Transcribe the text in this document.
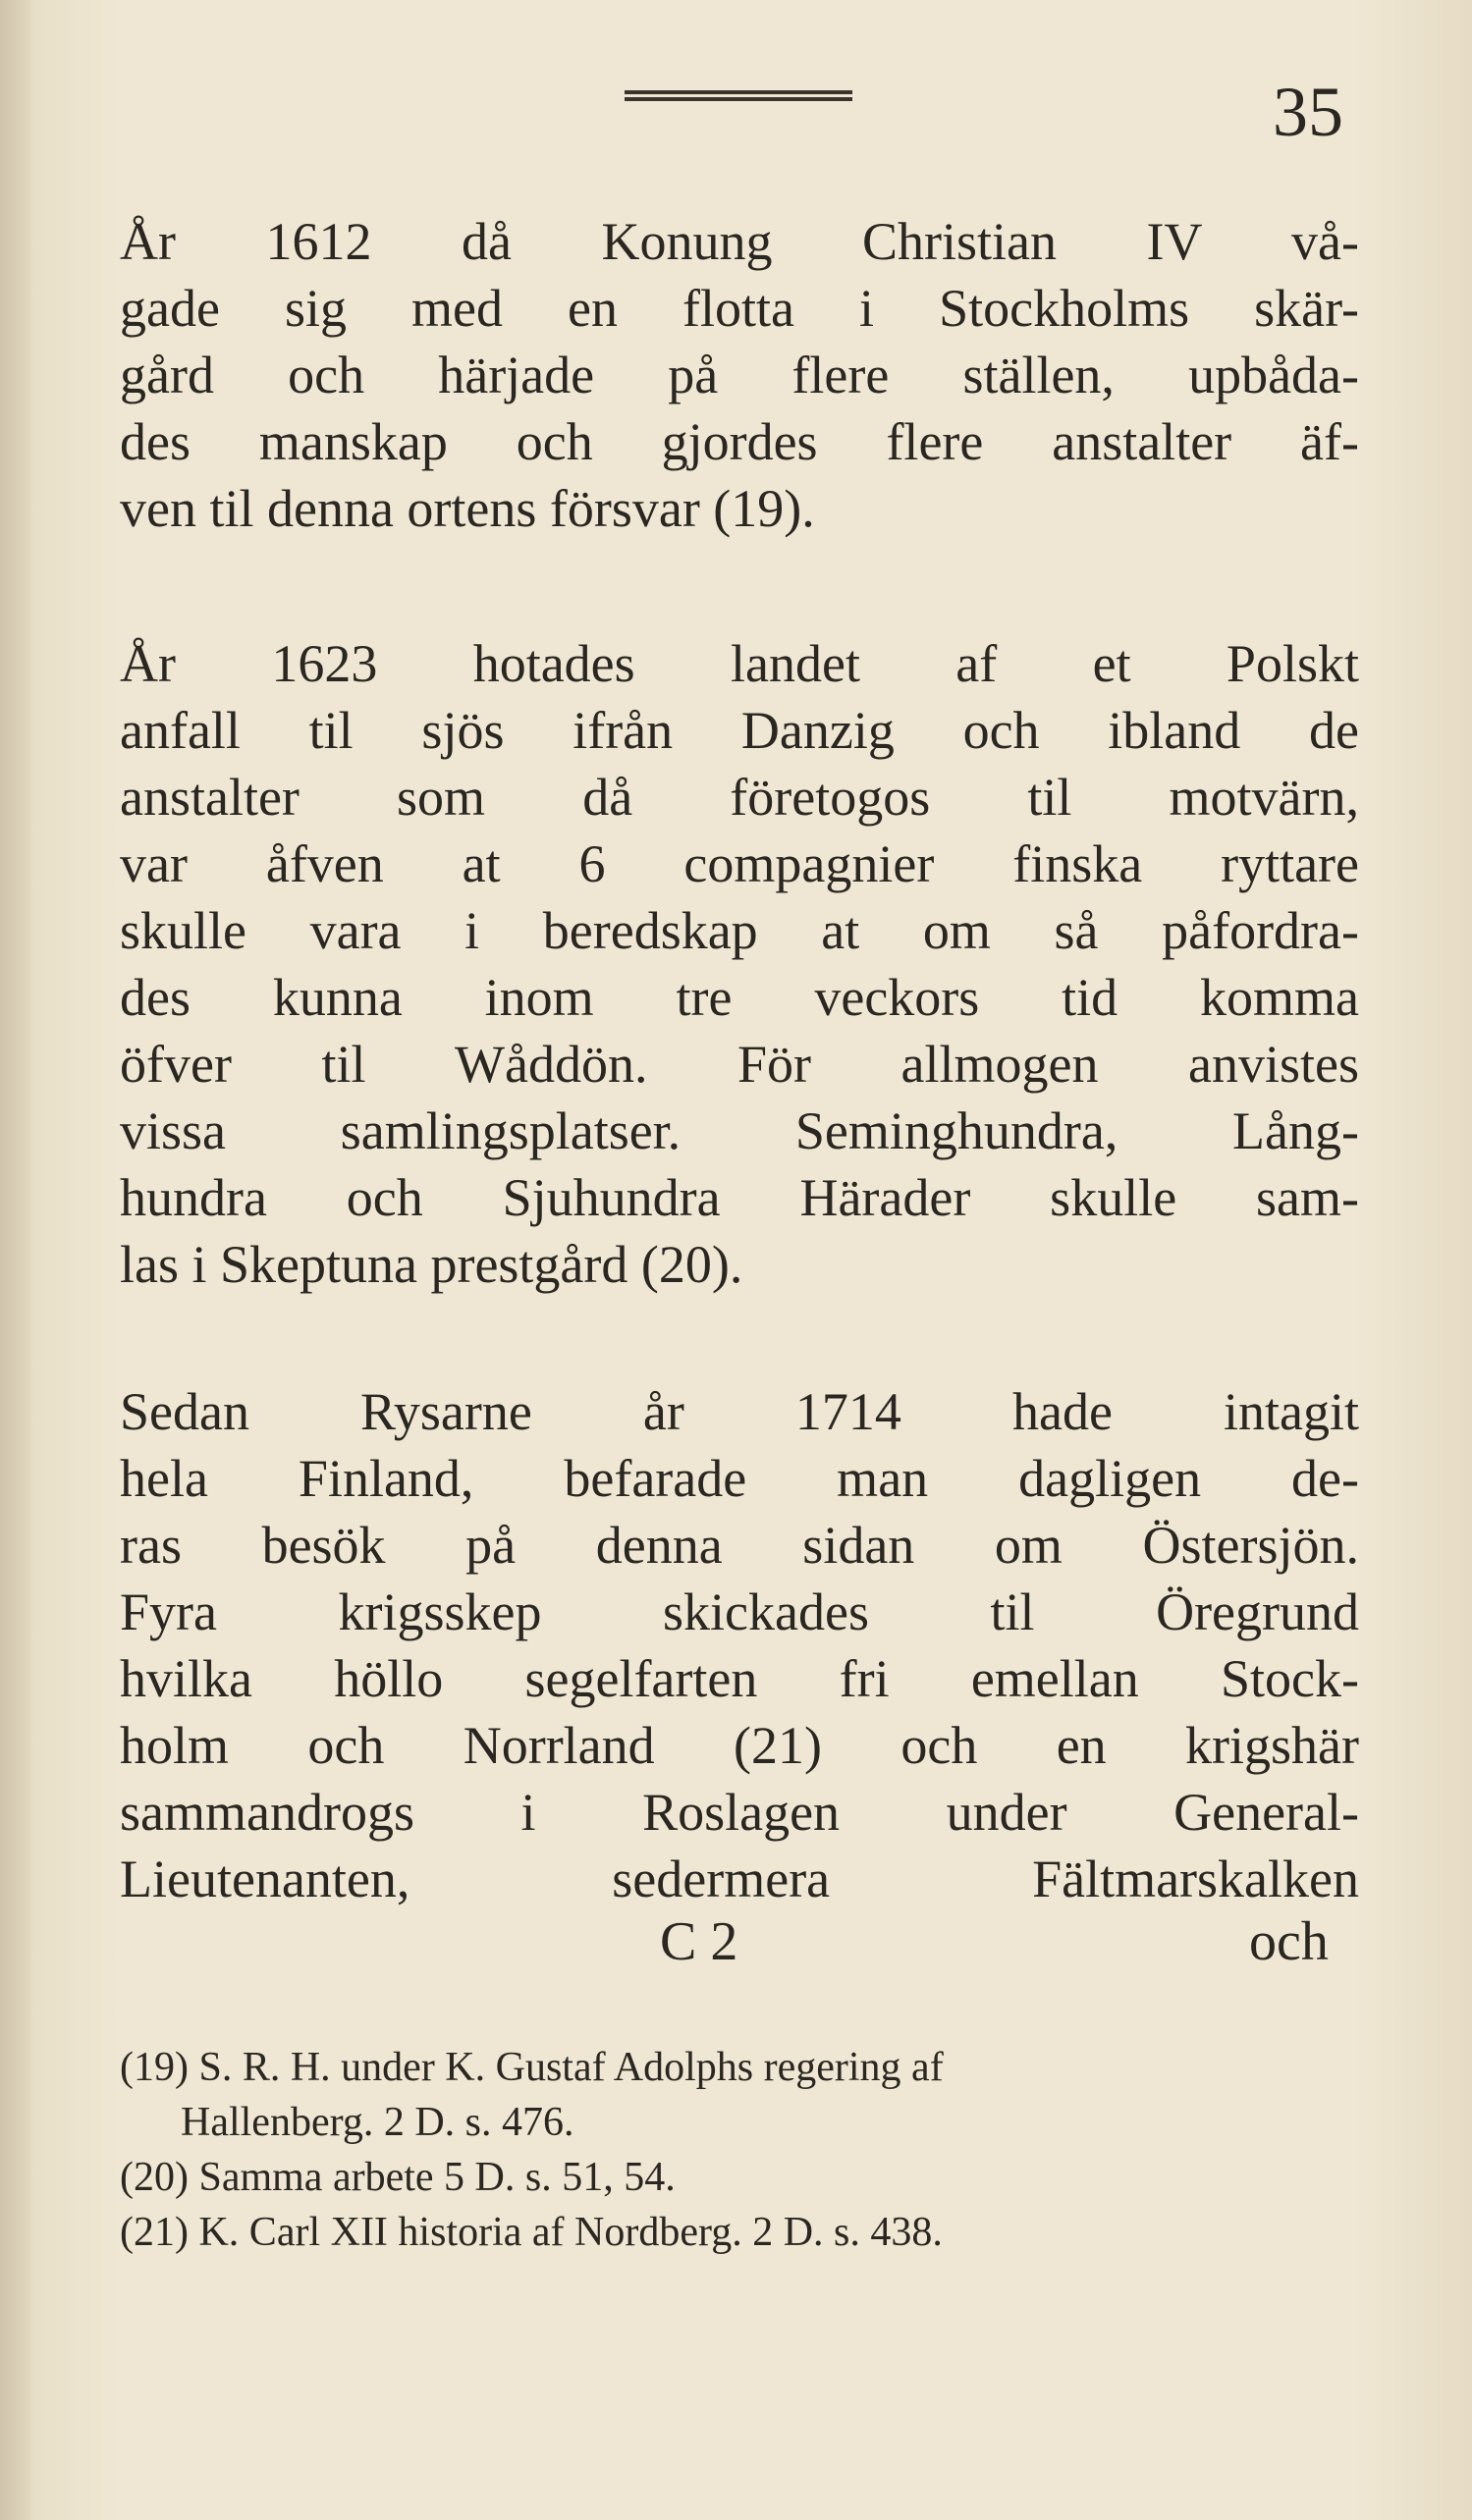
35
År 1612 då Konung Christian IV vå-
gade sig med en flotta i Stockholms skär-
gård och härjade på flere ställen, upbåda-
des manskap och gjordes flere anstalter äf-
ven til denna ortens försvar (19).
År 1623 hotades landet af et Polskt
anfall til sjös ifrån Danzig och ibland de
anstalter som då företogos til motvärn,
var åfven at 6 compagnier finska ryttare
skulle vara i beredskap at om så påfordra-
des kunna inom tre veckors tid komma
öfver til Wåddön. För allmogen anvistes
vissa samlingsplatser. Seminghundra, Lång-
hundra och Sjuhundra Härader skulle sam-
las i Skeptuna prestgård (20).
Sedan Rysarne år 1714 hade intagit
hela Finland, befarade man dagligen de-
ras besök på denna sidan om Östersjön.
Fyra krigsskep skickades til Öregrund
hvilka höllo segelfarten fri emellan Stock-
holm och Norrland (21) och en krigshär
sammandrogs i Roslagen under General-
Lieutenanten, sedermera Fältmarskalken
C 2	och
(19) S. R. H. under K. Gustaf Adolphs regering af
Hallenberg. 2 D. s. 476.
(20) Samma arbete 5 D. s. 51, 54.
(21) K. Carl XII historia af Nordberg. 2 D. s. 438.
